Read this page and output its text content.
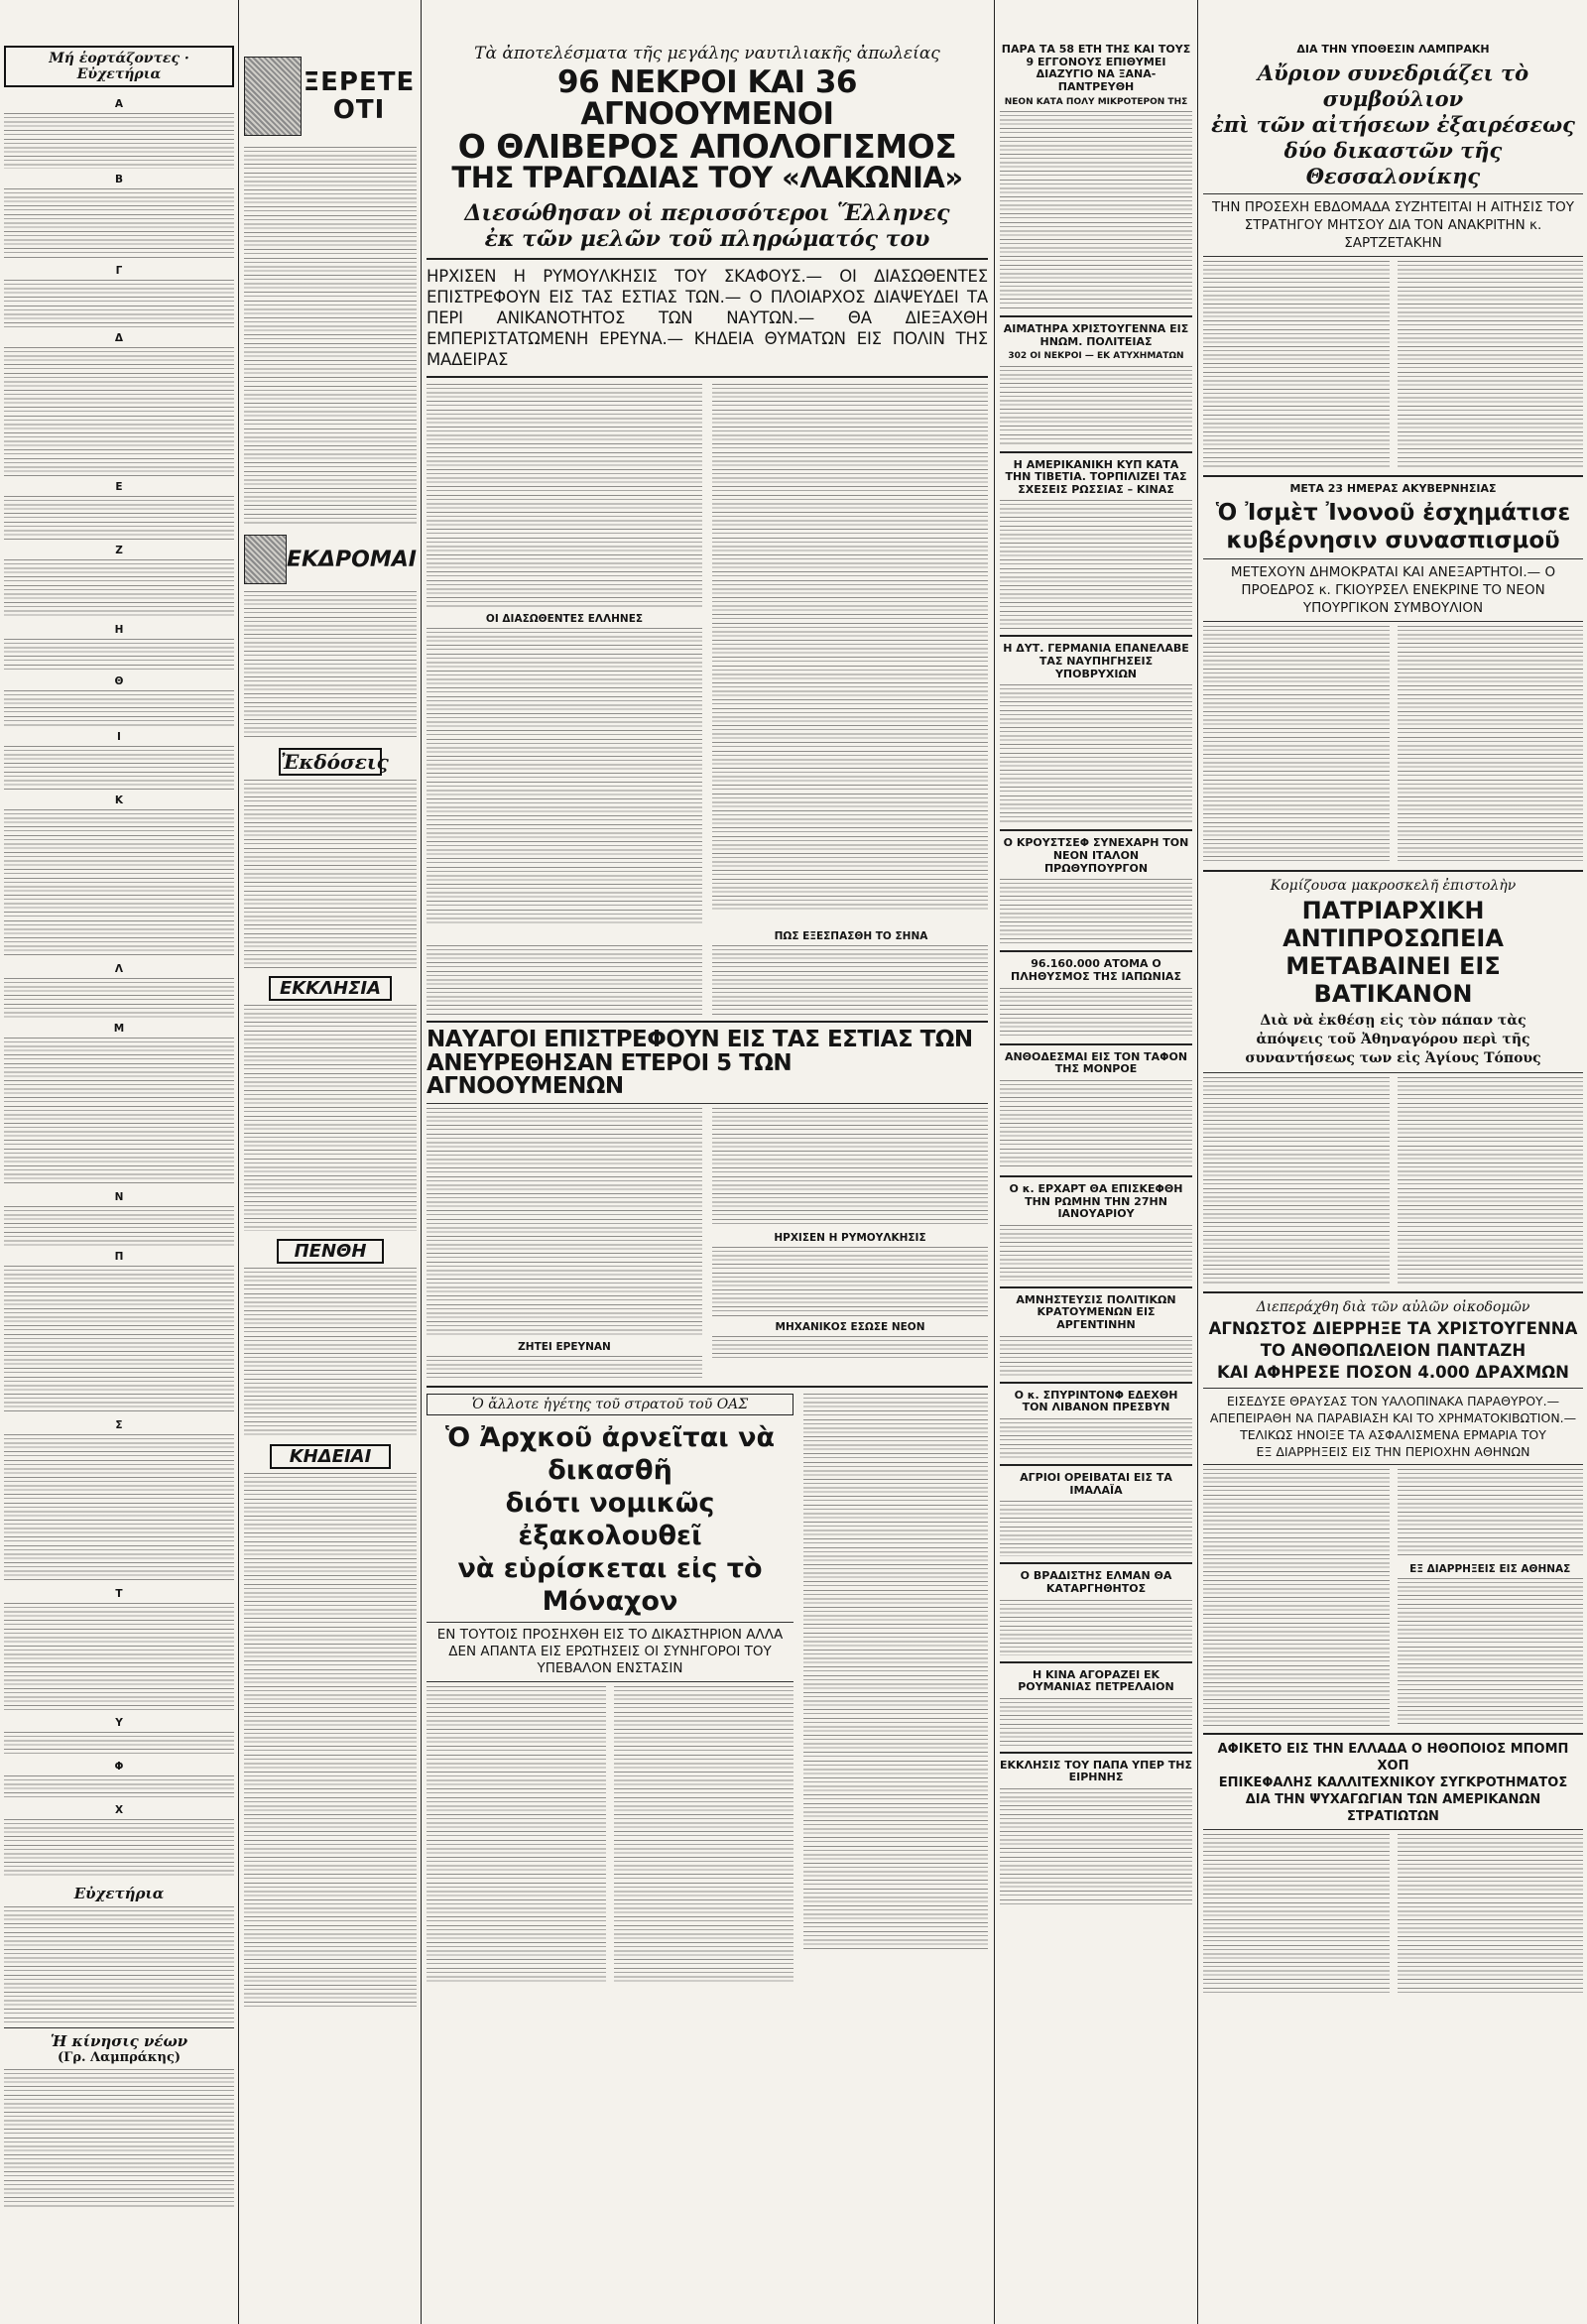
Μή ἑορτάζοντες · Εὐχετήρια
Α
Β
Γ
Δ
Ε
Ζ
Η
Θ
Ι
Κ
Λ
Μ
Ν
Π
Σ
Τ
Υ
Φ
Χ
Εὐχετήρια
Ἡ κίνησις νέων
(Γρ. Λαμπράκης)
ΞΕΡΕΤΕ ΟΤΙ
ΕΚΔΡΟΜΑΙ
Ἐκδόσεις
ΕΚΚΛΗΣΙΑ
ΠΕΝΘΗ
ΚΗΔΕΙΑΙ
Τὰ ἀποτελέσματα τῆς μεγάλης ναυτιλιακῆς ἀπωλείας
96 ΝΕΚΡΟΙ ΚΑΙ 36 ΑΓΝΟΟΥΜΕΝΟΙ
Ο ΘΛΙΒΕΡΟΣ ΑΠΟΛΟΓΙΣΜΟΣ
ΤΗΣ ΤΡΑΓΩΔΙΑΣ ΤΟΥ «ΛΑΚΩΝΙΑ»
Διεσώθησαν οἱ περισσότεροι Ἕλληνες
ἐκ τῶν μελῶν τοῦ πληρώματός του
ΗΡΧΙΣΕΝ Η ΡΥΜΟΥΛΚΗΣΙΣ ΤΟΥ ΣΚΑΦΟΥΣ.— ΟΙ ΔΙΑΣΩΘΕΝΤΕΣ ΕΠΙΣΤΡΕΦΟΥΝ ΕΙΣ ΤΑΣ ΕΣΤΙΑΣ ΤΩΝ.— Ο ΠΛΟΙΑΡΧΟΣ ΔΙΑΨΕΥΔΕΙ ΤΑ ΠΕΡΙ ΑΝΙΚΑΝΟΤΗΤΟΣ ΤΩΝ ΝΑΥΤΩΝ.— ΘΑ ΔΙΕΞΑΧΘΗ ΕΜΠΕΡΙΣΤΑΤΩΜΕΝΗ ΕΡΕΥΝΑ.— ΚΗΔΕΙΑ ΘΥΜΑΤΩΝ ΕΙΣ ΠΟΛΙΝ ΤΗΣ ΜΑΔΕΙΡΑΣ
ΟΙ ΔΙΑΣΩΘΕΝΤΕΣ ΕΛΛΗΝΕΣ
ΠΩΣ ΕΞΕΣΠΑΣΘΗ ΤΟ ΣΗΝΑ
ΝΑΥΑΓΟΙ ΕΠΙΣΤΡΕΦΟΥΝ ΕΙΣ ΤΑΣ ΕΣΤΙΑΣ ΤΩΝ
ΑΝΕΥΡΕΘΗΣΑΝ ΕΤΕΡΟΙ 5 ΤΩΝ ΑΓΝΟΟΥΜΕΝΩΝ
ΖΗΤΕΙ ΕΡΕΥΝΑΝ
ΗΡΧΙΣΕΝ Η ΡΥΜΟΥΛΚΗΣΙΣ
ΜΗΧΑΝΙΚΟΣ ΕΣΩΣΕ ΝΕΟΝ
Ὁ ἄλλοτε ἡγέτης τοῦ στρατοῦ τοῦ ΟΑΣ
Ὁ Ἀρχκοῦ ἀρνεῖται νὰ δικασθῆ
διότι νομικῶς ἐξακολουθεῖ
νὰ εὑρίσκεται εἰς τὸ Μόναχον
ΕΝ ΤΟΥΤΟΙΣ ΠΡΟΣΗΧΘΗ ΕΙΣ ΤΟ ΔΙΚΑΣΤΗΡΙΟΝ ΑΛΛΑ ΔΕΝ ΑΠΑΝΤΑ ΕΙΣ ΕΡΩΤΗΣΕΙΣ ΟΙ ΣΥΝΗΓΟΡΟΙ ΤΟΥ ΥΠΕΒΑΛΟΝ ΕΝΣΤΑΣΙΝ
ΠΑΡΑ ΤΑ 58 ΕΤΗ ΤΗΣ ΚΑΙ ΤΟΥΣ 9 ΕΓΓΟΝΟΥΣ ΕΠΙΘΥΜΕΙ ΔΙΑΖΥΓΙΟ ΝΑ ΞΑΝΑ-ΠΑΝΤΡΕΥΘΗ
ΝΕΟΝ ΚΑΤΑ ΠΟΛΥ ΜΙΚΡΟΤΕΡΟΝ ΤΗΣ
ΑΙΜΑΤΗΡΑ ΧΡΙΣΤΟΥΓΕΝΝΑ ΕΙΣ ΗΝΩΜ. ΠΟΛΙΤΕΙΑΣ
302 ΟΙ ΝΕΚΡΟΙ — ΕΚ ΑΤΥΧΗΜΑΤΩΝ
Η ΑΜΕΡΙΚΑΝΙΚΗ ΚΥΠ ΚΑΤΑ ΤΗΝ ΤΙΒΕΤΙΑ. ΤΟΡΠΙΛΙΖΕΙ ΤΑΣ ΣΧΕΣΕΙΣ ΡΩΣΣΙΑΣ – ΚΙΝΑΣ
Η ΔΥΤ. ΓΕΡΜΑΝΙΑ ΕΠΑΝΕΛΑΒΕ ΤΑΣ ΝΑΥΠΗΓΗΣΕΙΣ ΥΠΟΒΡΥΧΙΩΝ
Ο ΚΡΟΥΣΤΣΕΦ ΣΥΝΕΧΑΡΗ ΤΟΝ ΝΕΟΝ ΙΤΑΛΟΝ ΠΡΩΘΥΠΟΥΡΓΟΝ
96.160.000 ΑΤΟΜΑ Ο ΠΛΗΘΥΣΜΟΣ ΤΗΣ ΙΑΠΩΝΙΑΣ
ΑΝΘΟΔΕΣΜΑΙ ΕΙΣ ΤΟΝ ΤΑΦΟΝ ΤΗΣ ΜΟΝΡΟΕ
Ο κ. ΕΡΧΑΡΤ ΘΑ ΕΠΙΣΚΕΦΘΗ ΤΗΝ ΡΩΜΗΝ ΤΗΝ 27ΗΝ ΙΑΝΟΥΑΡΙΟΥ
ΑΜΝΗΣΤΕΥΣΙΣ ΠΟΛΙΤΙΚΩΝ ΚΡΑΤΟΥΜΕΝΩΝ ΕΙΣ ΑΡΓΕΝΤΙΝΗΝ
Ο κ. ΣΠΥΡΙΝΤΟΝΦ ΕΔΕΧΘΗ ΤΟΝ ΛΙΒΑΝΟΝ ΠΡΕΣΒΥΝ
ΑΓΡΙΟΙ ΟΡΕΙΒΑΤΑΙ ΕΙΣ ΤΑ ΙΜΑΛΑΪΑ
Ο ΒΡΑΔΙΣΤΗΣ ΕΛΜΑΝ ΘΑ ΚΑΤΑΡΓΗΘΗΤΟΣ
Η ΚΙΝΑ ΑΓΟΡΑΖΕΙ ΕΚ ΡΟΥΜΑΝΙΑΣ ΠΕΤΡΕΛΑΙΟΝ
ΕΚΚΛΗΣΙΣ ΤΟΥ ΠΑΠΑ ΥΠΕΡ ΤΗΣ ΕΙΡΗΝΗΣ
ΔΙΑ ΤΗΝ ΥΠΟΘΕΣΙΝ ΛΑΜΠΡΑΚΗ
Αὔριον συνεδριάζει τὸ συμβούλιον
ἐπὶ τῶν αἰτήσεων ἐξαιρέσεως
δύο δικαστῶν τῆς Θεσσαλονίκης
ΤΗΝ ΠΡΟΣΕΧΗ ΕΒΔΟΜΑΔΑ ΣΥΖΗΤΕΙΤΑΙ Η ΑΙΤΗΣΙΣ ΤΟΥ ΣΤΡΑΤΗΓΟΥ ΜΗΤΣΟΥ ΔΙΑ ΤΟΝ ΑΝΑΚΡΙΤΗΝ κ. ΣΑΡΤΖΕΤΑΚΗΝ
ΜΕΤΑ 23 ΗΜΕΡΑΣ ΑΚΥΒΕΡΝΗΣΙΑΣ
Ὁ Ἰσμὲτ Ἰνονοῦ ἐσχημάτισε
κυβέρνησιν συνασπισμοῦ
ΜΕΤΕΧΟΥΝ ΔΗΜΟΚΡΑΤΑΙ ΚΑΙ ΑΝΕΞΑΡΤΗΤΟΙ.— Ο ΠΡΟΕΔΡΟΣ κ. ΓΚΙΟΥΡΣΕΛ ΕΝΕΚΡΙΝΕ ΤΟ ΝΕΟΝ ΥΠΟΥΡΓΙΚΟΝ ΣΥΜΒΟΥΛΙΟΝ
Κομίζουσα μακροσκελῆ ἐπιστολὴν
ΠΑΤΡΙΑΡΧΙΚΗ ΑΝΤΙΠΡΟΣΩΠΕΙΑ
ΜΕΤΑΒΑΙΝΕΙ ΕΙΣ ΒΑΤΙΚΑΝΟΝ
Διὰ νὰ ἐκθέσῃ εἰς τὸν πάπαν τὰς
ἀπόψεις τοῦ Ἀθηναγόρου περὶ τῆς
συναντήσεως των εἰς Ἁγίους Τόπους
Διεπεράχθη διὰ τῶν αὐλῶν οἰκοδομῶν
ΑΓΝΩΣΤΟΣ ΔΙΕΡΡΗΞΕ ΤΑ ΧΡΙΣΤΟΥΓΕΝΝΑ
ΤΟ ΑΝΘΟΠΩΛΕΙΟΝ ΠΑΝΤΑΖΗ
ΚΑΙ ΑΦΗΡΕΣΕ ΠΟΣΟΝ 4.000 ΔΡΑΧΜΩΝ
ΕΙΣΕΔΥΣΕ ΘΡΑΥΣΑΣ ΤΟΝ ΥΑΛΟΠΙΝΑΚΑ ΠΑΡΑΘΥΡΟΥ.— ΑΠΕΠΕΙΡΑΘΗ ΝΑ ΠΑΡΑΒΙΑΣΗ ΚΑΙ ΤΟ ΧΡΗΜΑΤΟΚΙΒΩΤΙΟΝ.—ΤΕΛΙΚΩΣ ΗΝΟΙΞΕ ΤΑ ΑΣΦΑΛΙΣΜΕΝΑ ΕΡΜΑΡΙΑ ΤΟΥ
ΕΞ ΔΙΑΡΡΗΞΕΙΣ ΕΙΣ ΤΗΝ ΠΕΡΙΟΧΗΝ ΑΘΗΝΩΝ
ΕΞ ΔΙΑΡΡΗΞΕΙΣ ΕΙΣ ΑΘΗΝΑΣ
ΑΦΙΚΕΤΟ ΕΙΣ ΤΗΝ ΕΛΛΑΔΑ Ο ΗΘΟΠΟΙΟΣ ΜΠΟΜΠ ΧΟΠ
ΕΠΙΚΕΦΑΛΗΣ ΚΑΛΛΙΤΕΧΝΙΚΟΥ ΣΥΓΚΡΟΤΗΜΑΤΟΣ
ΔΙΑ ΤΗΝ ΨΥΧΑΓΩΓΙΑΝ ΤΩΝ ΑΜΕΡΙΚΑΝΩΝ ΣΤΡΑΤΙΩΤΩΝ
